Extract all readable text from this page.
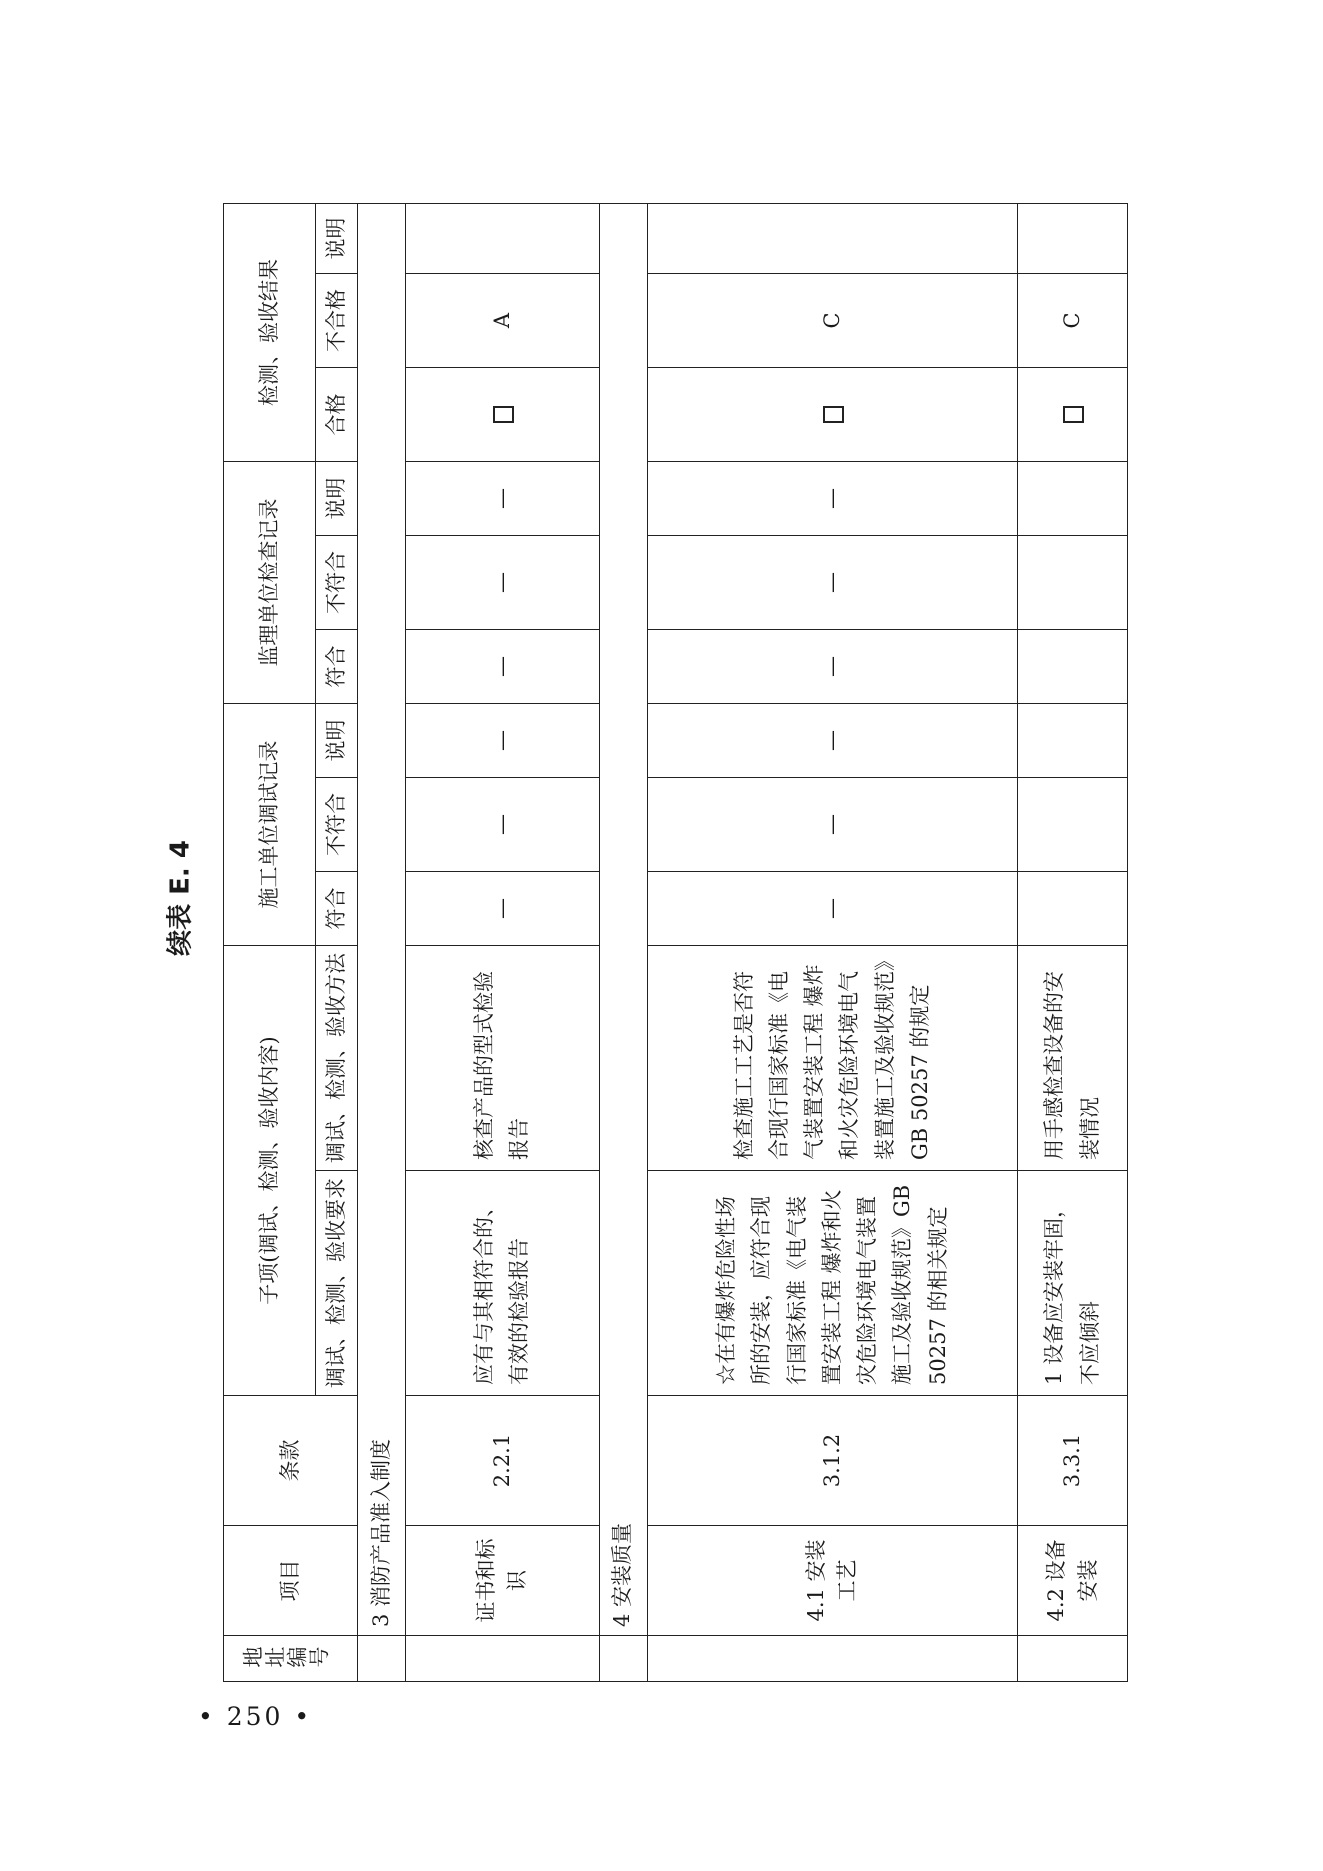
续表 E. 4
• 250 •
地址编号	项目	条款	子项(调试、检测、验收内容)		施工单位调试记录			监理单位检查记录			检测、验收结果		
			调试、检测、验收要求	调试、检测、验收方法	符合	不符合	说明	符合	不符合	说明	合格	不合格	说明
	3 消防产品准入制度												
	证书和标识	2.2.1	应有与其相符合的、有效的检验报告	核查产品的型式检验报告	—	—	—	—	—	—		A	
	4 安装质量												
	4.1 安装工艺	3.1.2	☆在有爆炸危险性场所的安装，应符合现行国家标准《电气装置安装工程 爆炸和火灾危险环境电气装置施工及验收规范》GB 50257 的相关规定	检查施工工艺是否符合现行国家标准《电气装置安装工程 爆炸和火灾危险环境电气装置施工及验收规范》GB 50257 的规定	—	—	—	—	—	—		C	
	4.2 设备安装	3.3.1	1 设备应安装牢固，不应倾斜	用手感检查设备的安装情况								C	
